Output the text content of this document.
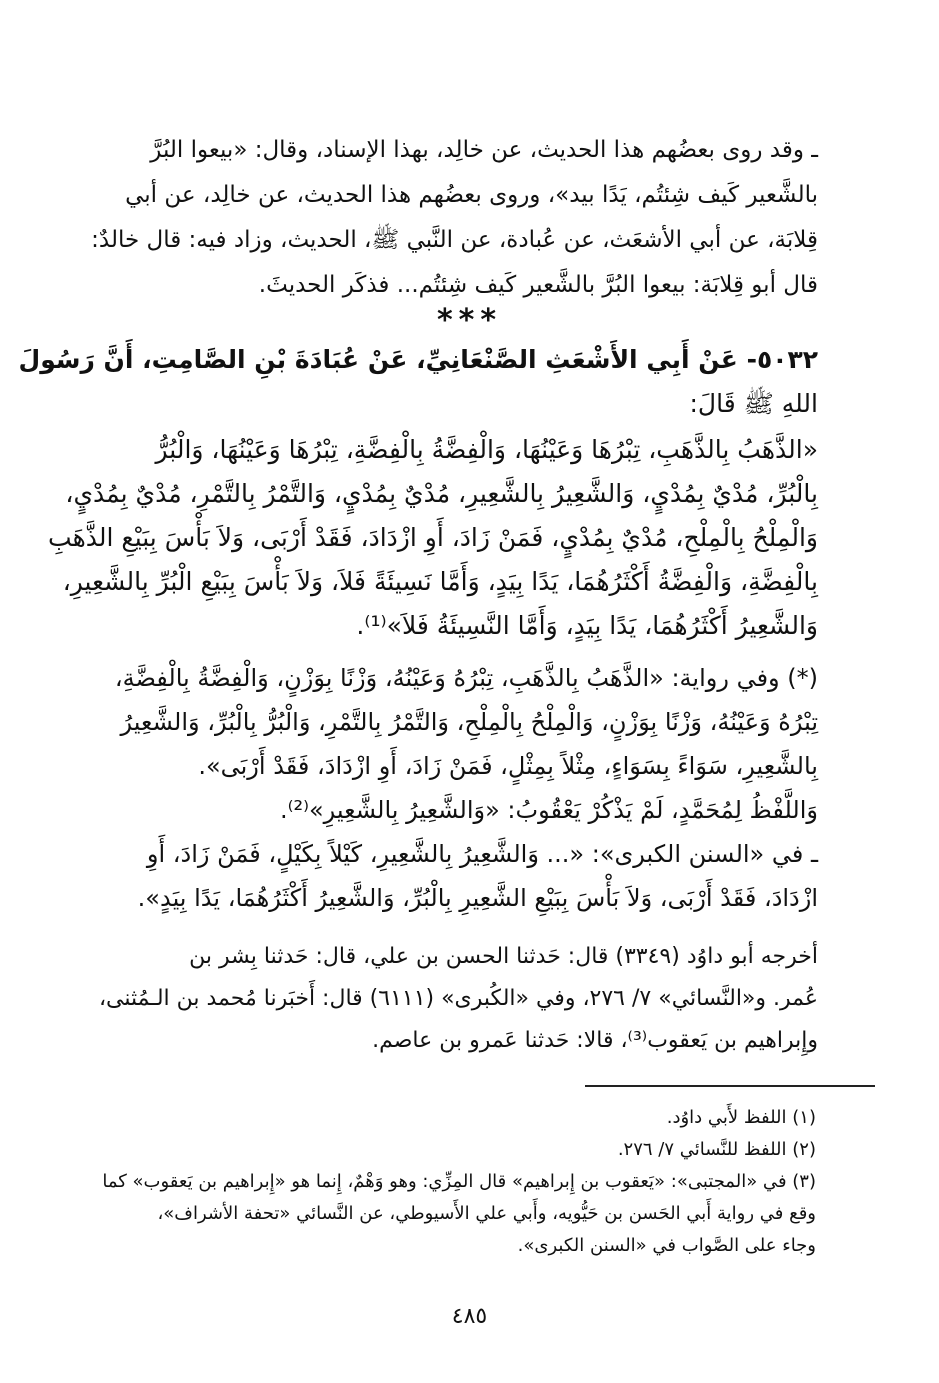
ـ وقد روى بعضُهم هذا الحديث، عن خالِد، بهذا الإسناد، وقال: «بيعوا البُرَّ
بالشَّعير كَيف شِئتُم، يَدًا بيد»، وروى بعضُهم هذا الحديث، عن خالِد، عن أبي
قِلابَة، عن أبي الأشعَث، عن عُبادة، عن النَّبي ﷺ، الحديث، وزاد فيه: قال خالدٌ:
قال أبو قِلابَة: بيعوا البُرَّ بالشَّعير كَيف شِئتُم... فذكَر الحديثَ.
***
٥٠٣٢- عَنْ أَبِي الأَشْعَثِ الصَّنْعَانِيِّ، عَنْ عُبَادَةَ بْنِ الصَّامِتِ، أَنَّ رَسُولَ
اللهِ ﷺ قَالَ:
«الذَّهَبُ بِالذَّهَبِ، تِبْرُهَا وَعَيْنُهَا، وَالْفِضَّةُ بِالْفِضَّةِ، تِبْرُهَا وَعَيْنُهَا، وَالْبُرُّ
بِالْبُرِّ، مُدْيٌ بِمُدْيٍ، وَالشَّعِيرُ بِالشَّعِيرِ، مُدْيٌ بِمُدْيٍ، وَالتَّمْرُ بِالتَّمْرِ، مُدْيٌ بِمُدْيٍ،
وَالْمِلْحُ بِالْمِلْحِ، مُدْيٌ بِمُدْيٍ، فَمَنْ زَادَ، أَوِ ازْدَادَ، فَقَدْ أَرْبَى، وَلاَ بَأْسَ بِبَيْعِ الذَّهَبِ
بِالْفِضَّةِ، وَالْفِضَّةُ أَكْثَرُهُمَا، يَدًا بِيَدٍ، وَأَمَّا نَسِيئَةً فَلاَ، وَلاَ بَأْسَ بِبَيْعِ الْبُرِّ بِالشَّعِيرِ،
وَالشَّعِيرُ أَكْثَرُهُمَا، يَدًا بِيَدٍ، وَأَمَّا النَّسِيئَةُ فَلاَ»⁽¹⁾.
(*) وفي رواية: «الذَّهَبُ بِالذَّهَبِ، تِبْرُهُ وَعَيْنُهُ، وَزْنًا بِوَزْنٍ، وَالْفِضَّةُ بِالْفِضَّةِ،
تِبْرُهُ وَعَيْنُهُ، وَزْنًا بِوَزْنٍ، وَالْمِلْحُ بِالْمِلْحِ، وَالتَّمْرُ بِالتَّمْرِ، وَالْبُرُّ بِالْبُرِّ، وَالشَّعِيرُ
بِالشَّعِيرِ، سَوَاءً بِسَوَاءٍ، مِثْلاً بِمِثْلٍ، فَمَنْ زَادَ، أَوِ ازْدَادَ، فَقَدْ أَرْبَى».
وَاللَّفْظُ لِمُحَمَّدٍ، لَمْ يَذْكُرْ يَعْقُوبُ: «وَالشَّعِيرُ بِالشَّعِيرِ»⁽²⁾.
ـ في «السنن الكبرى»: «... وَالشَّعِيرُ بِالشَّعِيرِ، كَيْلاً بِكَيْلٍ، فَمَنْ زَادَ، أَوِ
ازْدَادَ، فَقَدْ أَرْبَى، وَلاَ بَأْسَ بِبَيْعِ الشَّعِيرِ بِالْبُرِّ، وَالشَّعِيرُ أَكْثَرُهُمَا، يَدًا بِيَدٍ».
أخرجه أبو داوُد (٣٣٤٩) قال: حَدثنا الحسن بن علي، قال: حَدثنا بِشر بن
عُمر. و«النَّسائي» ٧/ ٢٧٦، وفي «الكُبرى» (٦١١١) قال: أَخبَرنا مُحمد بن الـمُثنى،
وإِبراهيم بن يَعقوب⁽³⁾، قالا: حَدثنا عَمرو بن عاصم.
(١) اللفظ لأَبي داوُد.
(٢) اللفظ للنَّسائي ٧/ ٢٧٦.
(٣) في «المجتبى»: «يَعقوب بن إِبراهيم» قال المِزِّي: وهو وَهْمٌ، إِنما هو «إِبراهيم بن يَعقوب» كما
وقع في رواية أَبي الحَسن بن حَيُّويه، وأَبي علي الأَسيوطي، عن النَّسائي «تحفة الأشراف»،
وجاء على الصَّواب في «السنن الكبرى».
٤٨٥
